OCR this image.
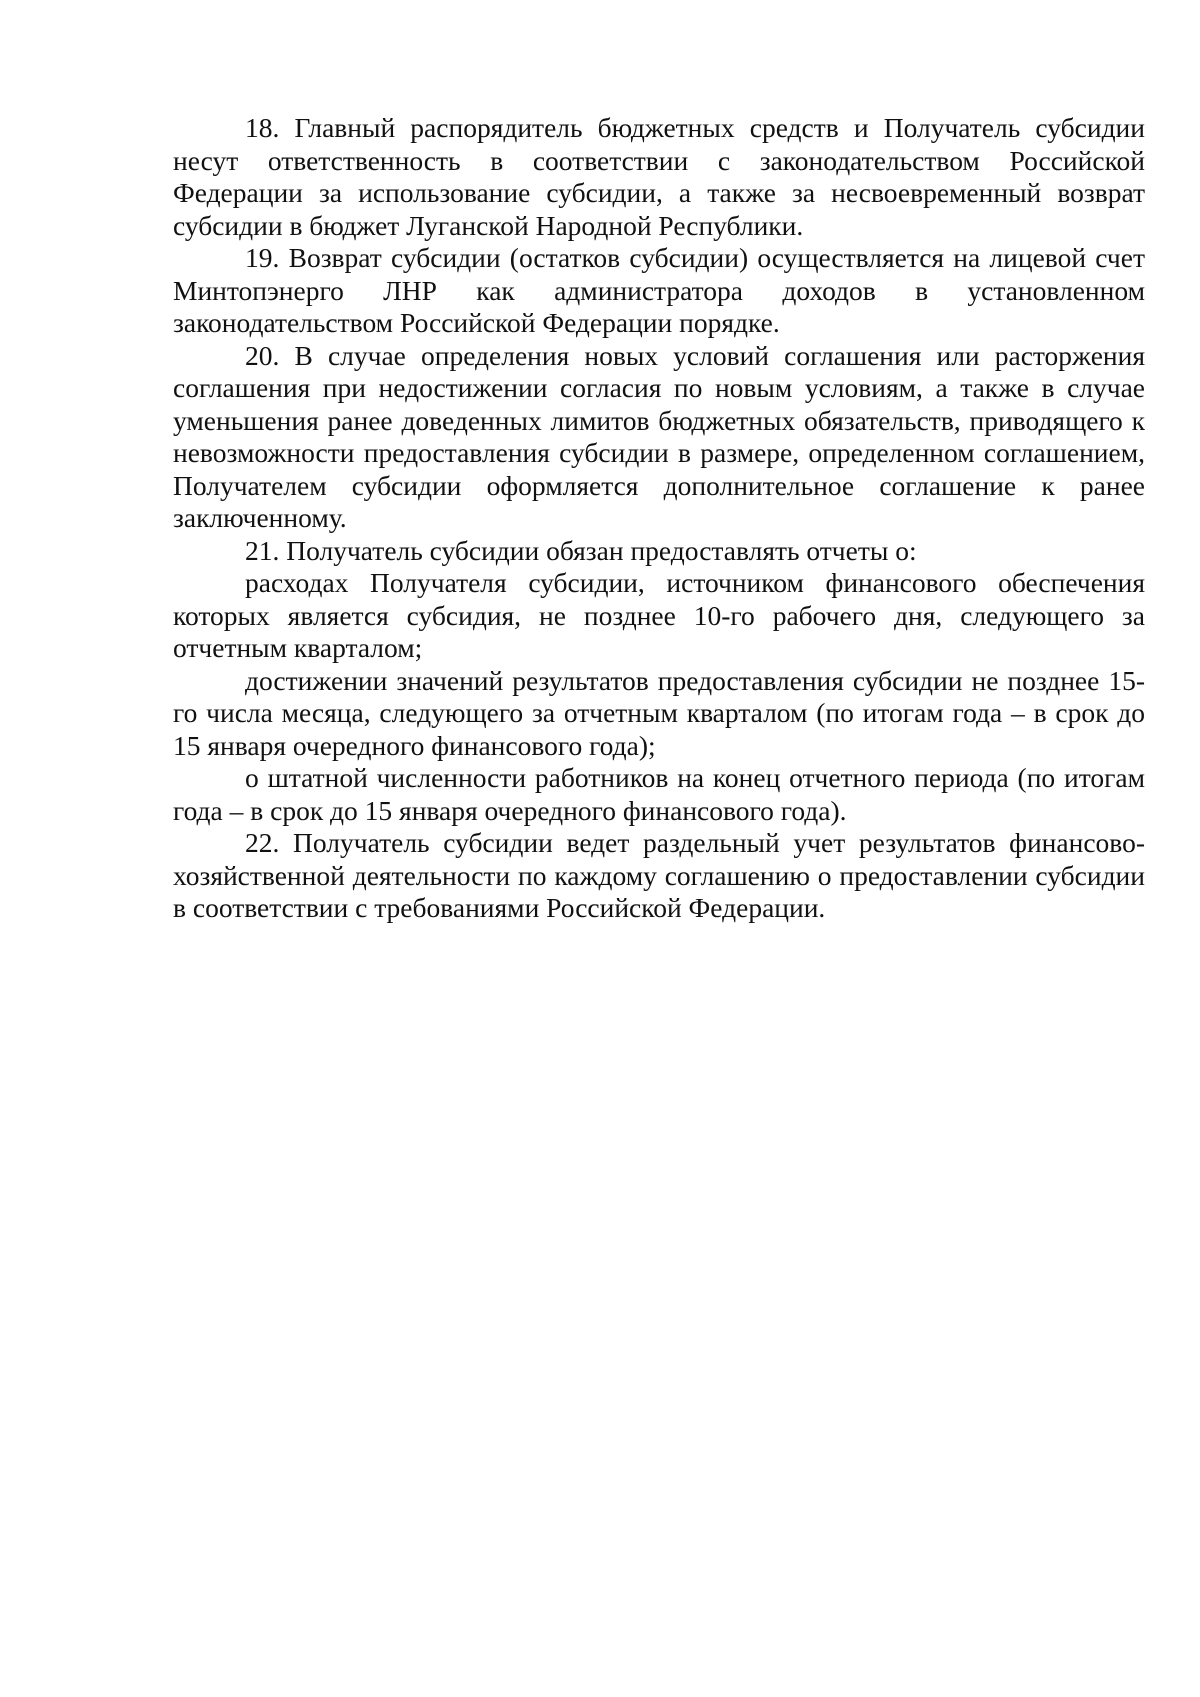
18. Главный распорядитель бюджетных средств и Получатель субсидии несут ответственность в соответствии с законодательством Российской Федерации за использование субсидии, а также за несвоевременный возврат субсидии в бюджет Луганской Народной Республики.

19. Возврат субсидии (остатков субсидии) осуществляется на лицевой счет Минтопэнерго ЛНР как администратора доходов в установленном законодательством Российской Федерации порядке.

20. В случае определения новых условий соглашения или расторжения соглашения при недостижении согласия по новым условиям, а также в случае уменьшения ранее доведенных лимитов бюджетных обязательств, приводящего к невозможности предоставления субсидии в размере, определенном соглашением, Получателем субсидии оформляется дополнительное соглашение к ранее заключенному.

21. Получатель субсидии обязан предоставлять отчеты о:

расходах Получателя субсидии, источником финансового обеспечения которых является субсидия, не позднее 10-го рабочего дня, следующего за отчетным кварталом;

достижении значений результатов предоставления субсидии не позднее 15-го числа месяца, следующего за отчетным кварталом (по итогам года – в срок до 15 января очередного финансового года);

о штатной численности работников на конец отчетного периода (по итогам года – в срок до 15 января очередного финансового года).

22. Получатель субсидии ведет раздельный учет результатов финансово-хозяйственной деятельности по каждому соглашению о предоставлении субсидии в соответствии с требованиями Российской Федерации.
